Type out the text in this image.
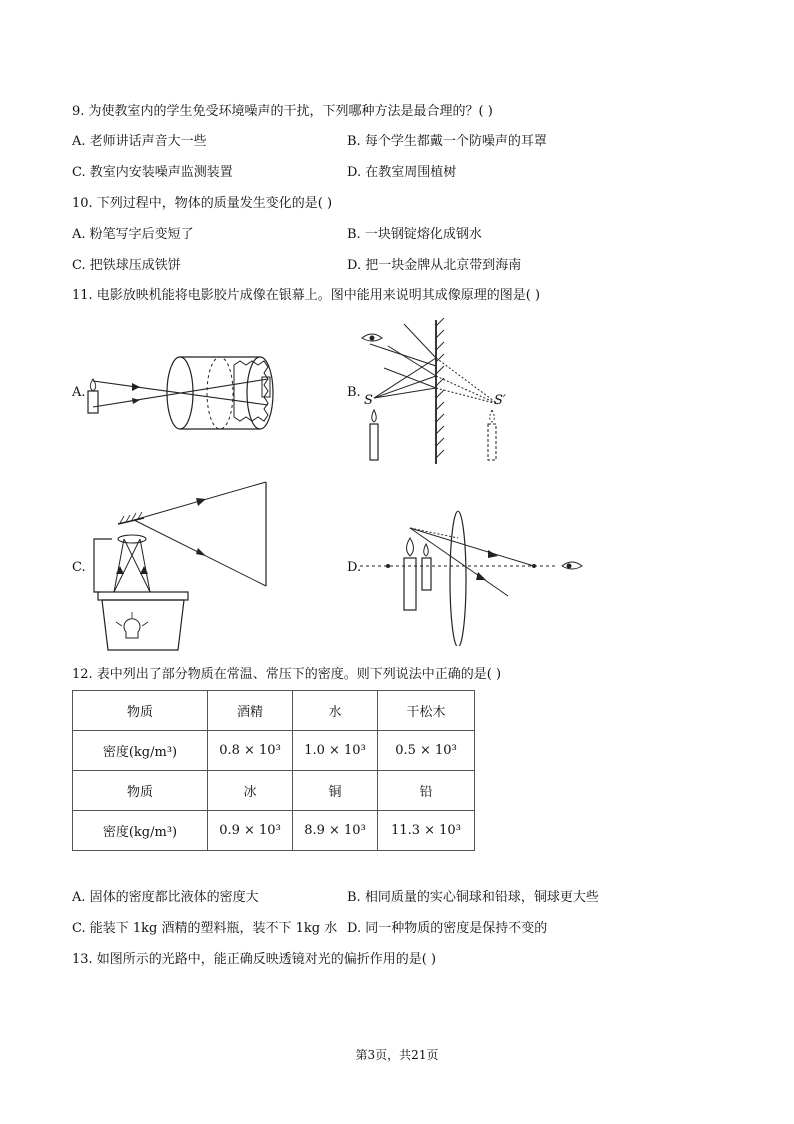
9. 为使教室内的学生免受环境噪声的干扰，下列哪种方法是最合理的？( )
A. 老师讲话声音大一些	B. 每个学生都戴一个防噪声的耳罩
C. 教室内安装噪声监测装置	D. 在教室周围植树
10. 下列过程中，物体的质量发生变化的是( )
A. 粉笔写字后变短了	B. 一块钢锭熔化成钢水
C. 把铁球压成铁饼	D. 把一块金牌从北京带到海南
11. 电影放映机能将电影胶片成像在银幕上。图中能用来说明其成像原理的图是( )
A.	B.
S	S′
C.	D.
12. 表中列出了部分物质在常温、常压下的密度。则下列说法中正确的是( )
物质	酒精	水	干松木
密度(kg/m³)	0.8 × 10³	1.0 × 10³	0.5 × 10³
物质	冰	铜	铅
密度(kg/m³)	0.9 × 10³	8.9 × 10³	11.3 × 10³
A. 固体的密度都比液体的密度大	B. 相同质量的实心铜球和铅球，铜球更大些
C. 能装下 1kg 酒精的塑料瓶，装不下 1kg 水 D. 同一种物质的密度是保持不变的
13. 如图所示的光路中，能正确反映透镜对光的偏折作用的是( )
第3页，共21页
